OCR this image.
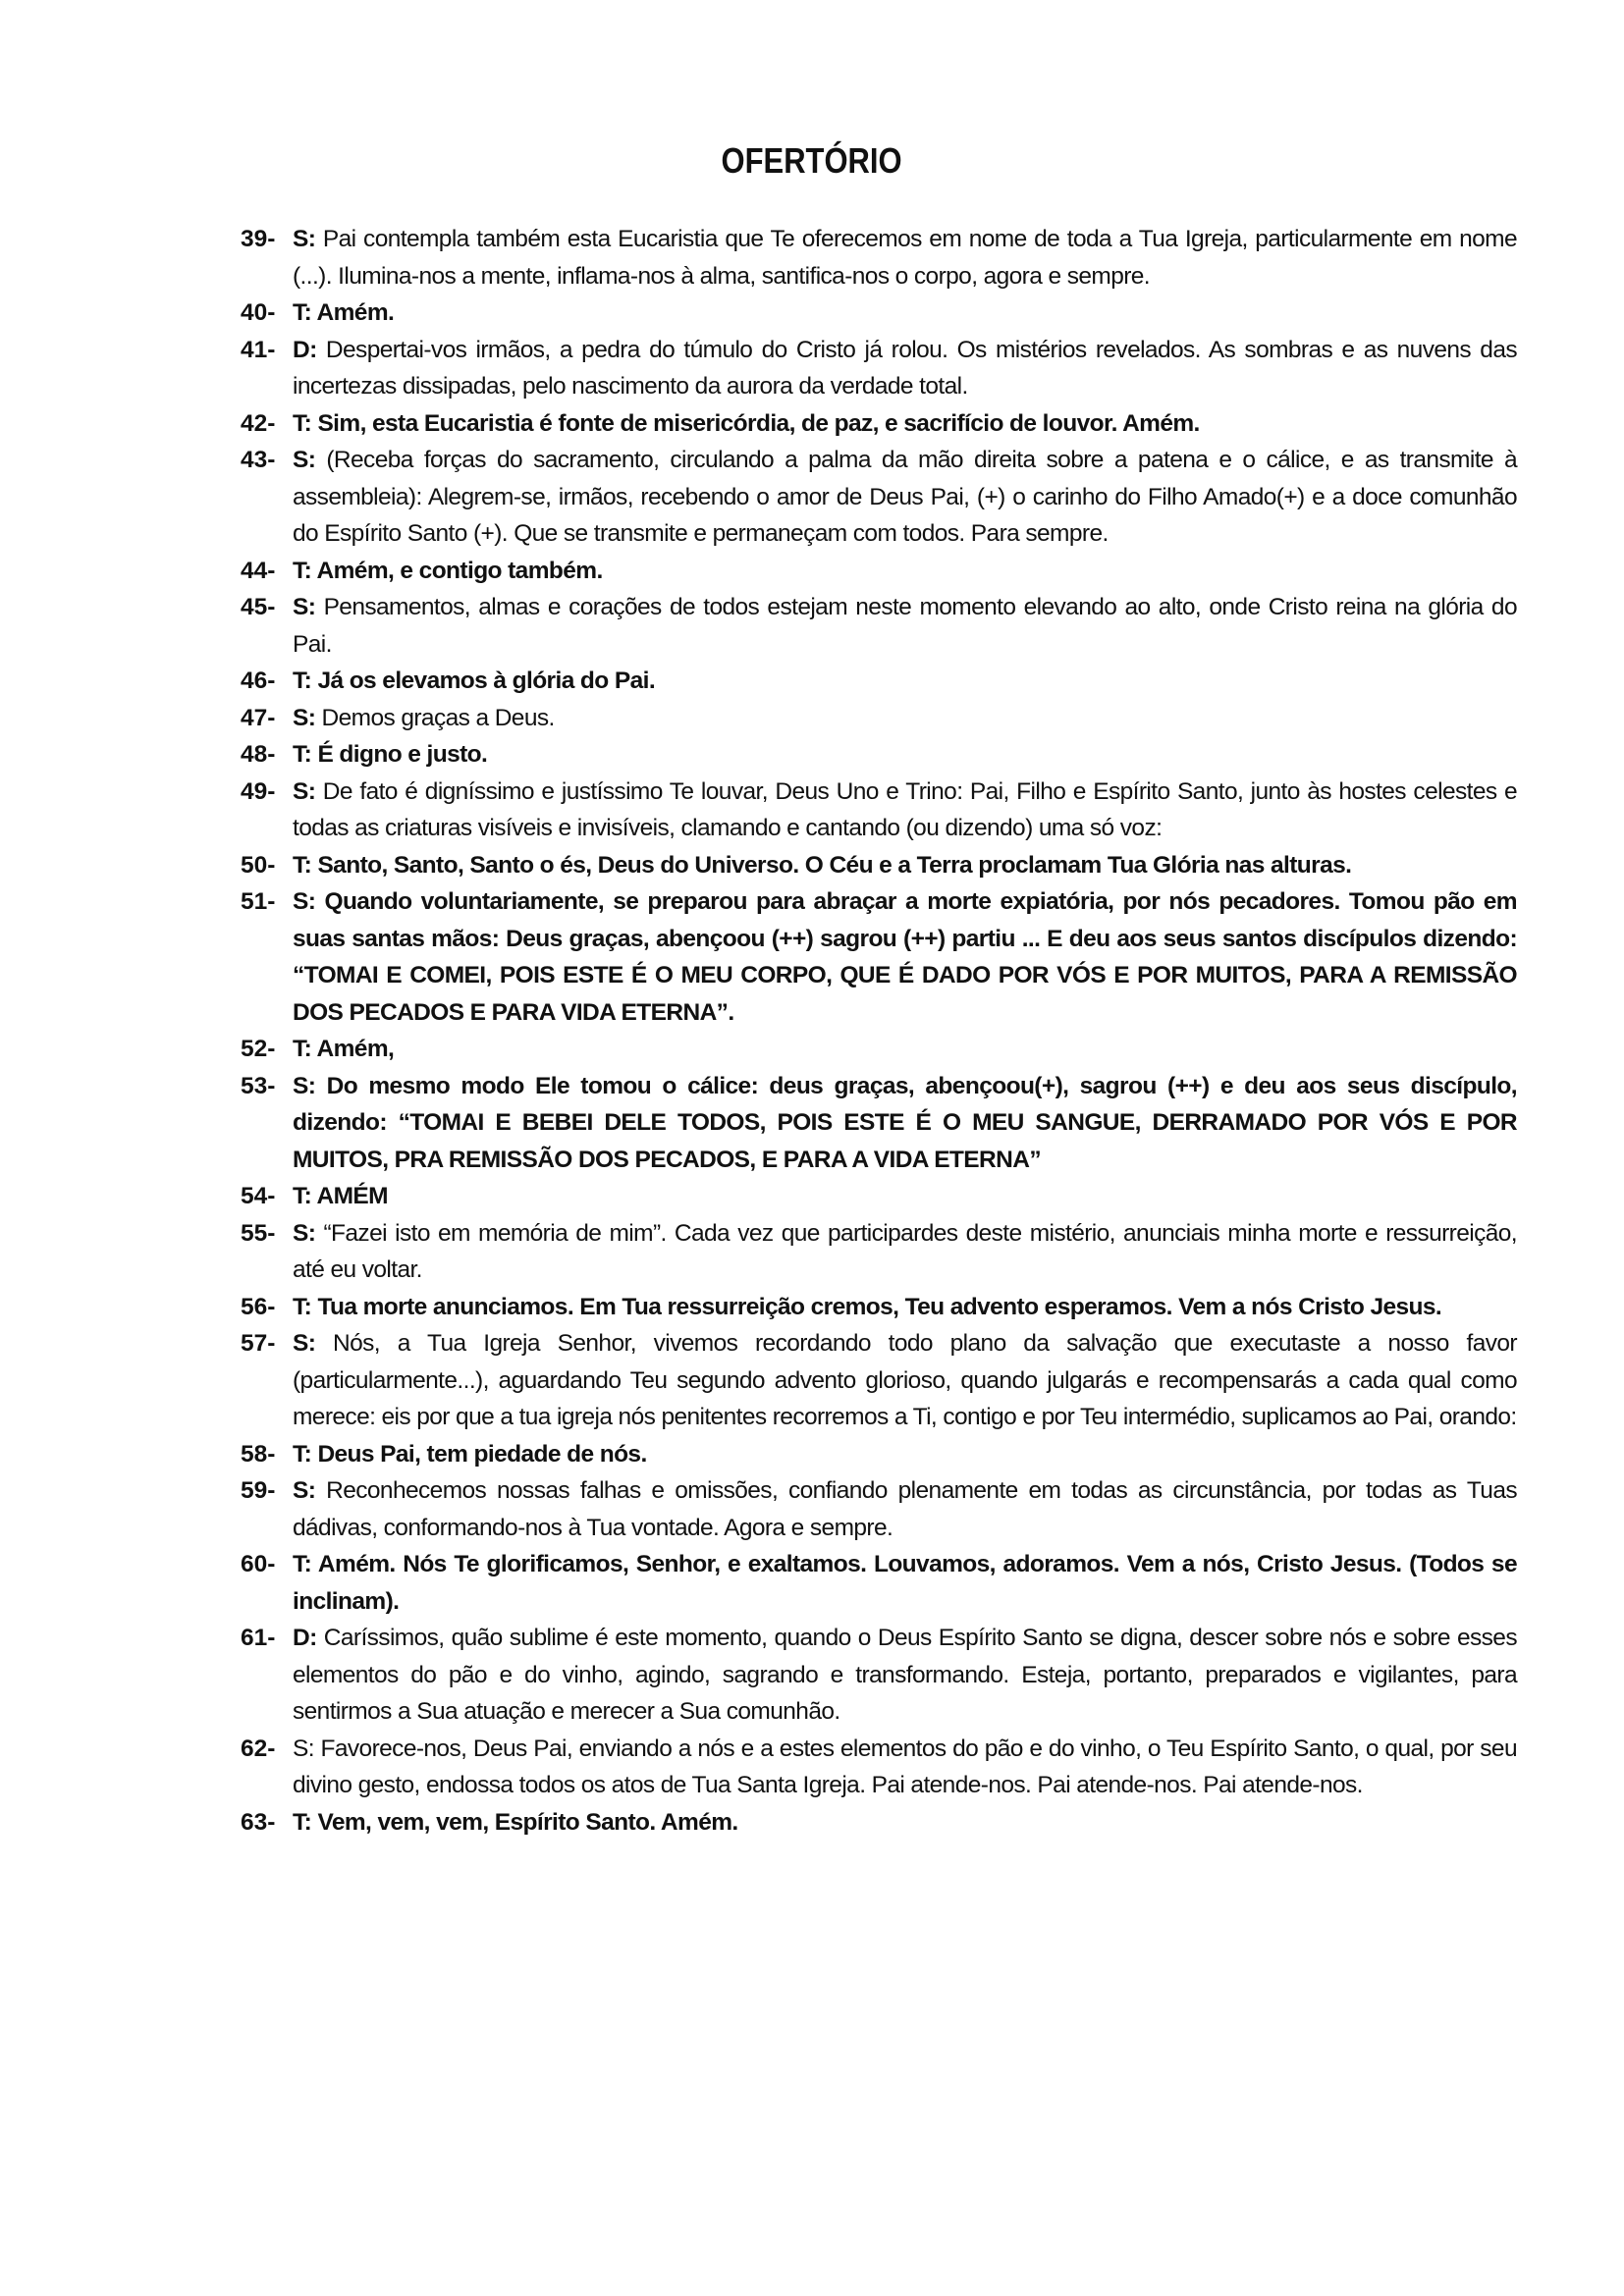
OFERTÓRIO
39- S: Pai contempla também esta Eucaristia que Te oferecemos em nome de toda a Tua Igreja, particularmente em nome (...). Ilumina-nos a mente, inflama-nos à alma, santifica-nos o corpo, agora e sempre.
40- T: Amém.
41- D: Despertai-vos irmãos, a pedra do túmulo do Cristo já rolou. Os mistérios revelados. As sombras e as nuvens das incertezas dissipadas, pelo nascimento da aurora da verdade total.
42- T: Sim, esta Eucaristia é fonte de misericórdia, de paz, e sacrifício de louvor. Amém.
43- S: (Receba forças do sacramento, circulando a palma da mão direita sobre a patena e o cálice, e as transmite à assembleia): Alegrem-se, irmãos, recebendo o amor de Deus Pai, (+) o carinho do Filho Amado(+) e a doce comunhão do Espírito Santo (+). Que se transmite e permaneçam com todos. Para sempre.
44- T: Amém, e contigo também.
45- S: Pensamentos, almas e corações de todos estejam neste momento elevando ao alto, onde Cristo reina na glória do Pai.
46- T: Já os elevamos à glória do Pai.
47- S: Demos graças a Deus.
48- T: É digno e justo.
49- S: De fato é digníssimo e justíssimo Te louvar, Deus Uno e Trino: Pai, Filho e Espírito Santo, junto às hostes celestes e todas as criaturas visíveis e invisíveis, clamando e cantando (ou dizendo) uma só voz:
50- T: Santo, Santo, Santo o és, Deus do Universo. O Céu e a Terra proclamam Tua Glória nas alturas.
51- S: Quando voluntariamente, se preparou para abraçar a morte expiatória, por nós pecadores. Tomou pão em suas santas mãos: Deus graças, abençoou (++) sagrou (++) partiu ... E deu aos seus santos discípulos dizendo: “TOMAI E COMEI, POIS ESTE É O MEU CORPO, QUE É DADO POR VÓS E POR MUITOS, PARA A REMISSÃO DOS PECADOS E PARA VIDA ETERNA”.
52- T: Amém,
53- S: Do mesmo modo Ele tomou o cálice: deus graças, abençoou(+), sagrou (++) e deu aos seus discípulo, dizendo: “TOMAI E BEBEI DELE TODOS, POIS ESTE É O MEU SANGUE, DERRAMADO POR VÓS E POR MUITOS, PRA REMISSÃO DOS PECADOS, E PARA A VIDA ETERNA”
54- T: AMÉM
55- S: “Fazei isto em memória de mim”. Cada vez que participardes deste mistério, anunciais minha morte e ressurreição, até eu voltar.
56- T: Tua morte anunciamos. Em Tua ressurreição cremos, Teu advento esperamos. Vem a nós Cristo Jesus.
57- S: Nós, a Tua Igreja Senhor, vivemos recordando todo plano da salvação que executaste a nosso favor (particularmente...), aguardando Teu segundo advento glorioso, quando julgarás e recompensarás a cada qual como merece: eis por que a tua igreja nós penitentes recorremos a Ti, contigo e por Teu intermédio, suplicamos ao Pai, orando:
58- T: Deus Pai, tem piedade de nós.
59- S: Reconhecemos nossas falhas e omissões, confiando plenamente em todas as circunstância, por todas as Tuas dádivas, conformando-nos à Tua vontade. Agora e sempre.
60- T: Amém. Nós Te glorificamos, Senhor, e exaltamos. Louvamos, adoramos. Vem a nós, Cristo Jesus. (Todos se inclinam).
61- D: Caríssimos, quão sublime é este momento, quando o Deus Espírito Santo se digna, descer sobre nós e sobre esses elementos do pão e do vinho, agindo, sagrando e transformando. Esteja, portanto, preparados e vigilantes, para sentirmos a Sua atuação e merecer a Sua comunhão.
62- S: Favorece-nos, Deus Pai, enviando a nós e a estes elementos do pão e do vinho, o Teu Espírito Santo, o qual, por seu divino gesto, endossa todos os atos de Tua Santa Igreja. Pai atende-nos. Pai atende-nos. Pai atende-nos.
63- T: Vem, vem, vem, Espírito Santo. Amém.
